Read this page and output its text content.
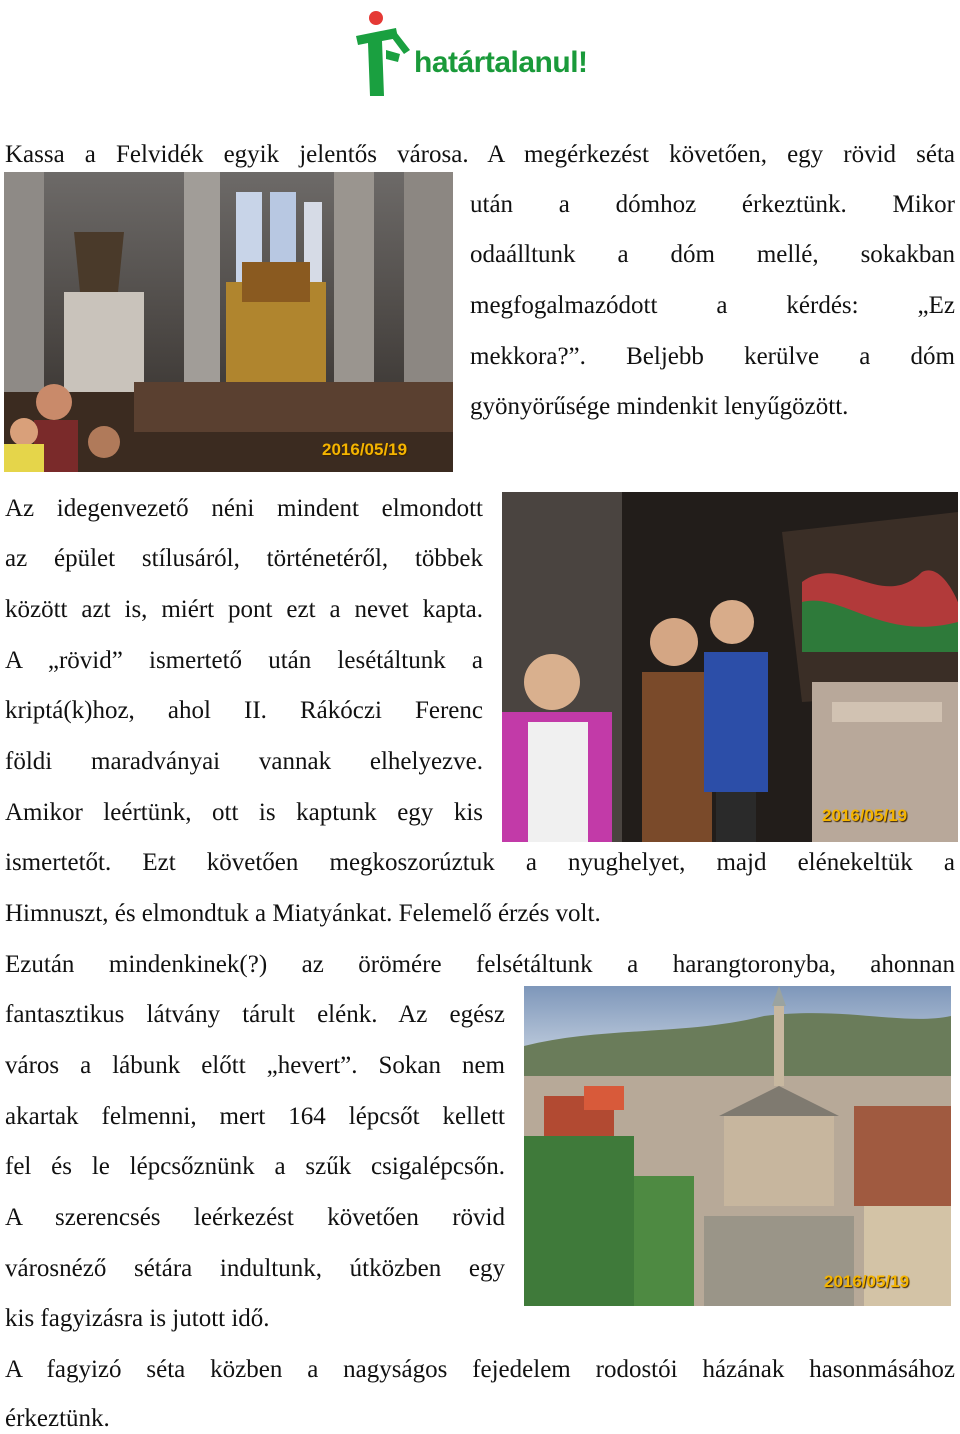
határtalanul!
2016/05/19
2016/05/19
2016/05/19
Kassa a Felvidék egyik jelentős városa. A megérkezést követően, egy rövid séta
után a dómhoz érkeztünk. Mikor
odaálltunk a dóm mellé, sokakban
megfogalmazódott a kérdés: „Ez
mekkora?”. Beljebb kerülve a dóm
gyönyörűsége mindenkit lenyűgözött.
Az idegenvezető néni mindent elmondott
az épület stílusáról, történetéről, többek
között azt is, miért pont ezt a nevet kapta.
A „rövid” ismertető után lesétáltunk a
kriptá(k)hoz, ahol II. Rákóczi Ferenc
földi maradványai vannak elhelyezve.
Amikor leértünk, ott is kaptunk egy kis
ismertetőt. Ezt követően megkoszorúztuk a nyughelyet, majd elénekeltük a
Himnuszt, és elmondtuk a Miatyánkat. Felemelő érzés volt.
Ezután mindenkinek(?) az örömére felsétáltunk a harangtoronyba, ahonnan
fantasztikus látvány tárult elénk. Az egész
város a lábunk előtt „hevert”. Sokan nem
akartak felmenni, mert 164 lépcsőt kellett
fel és le lépcsőznünk a szűk csigalépcsőn.
A szerencsés leérkezést követően rövid
városnéző sétára indultunk, útközben egy
kis fagyizásra is jutott idő.
A fagyizó séta közben a nagyságos fejedelem rodostói házának hasonmásához
érkeztünk.
